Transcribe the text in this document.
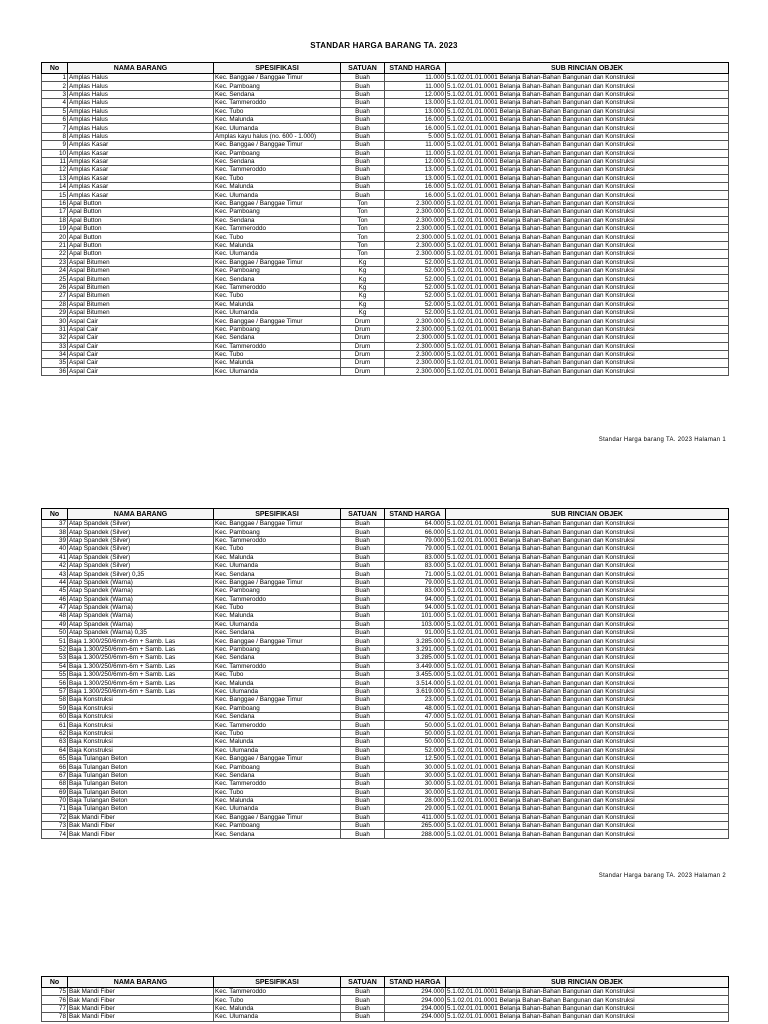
STANDAR HARGA BARANG TA. 2023
No	NAMA BARANG	SPESIFIKASI	SATUAN	STAND HARGA	SUB RINCIAN OBJEK
1	Amplas Halus	Kec. Banggae / Banggae Timur	Buah	11.000	5.1.02.01.01.0001 Belanja Bahan-Bahan Bangunan dan Konstruksi
2	Amplas Halus	Kec. Pamboang	Buah	11.000	5.1.02.01.01.0001 Belanja Bahan-Bahan Bangunan dan Konstruksi
3	Amplas Halus	Kec. Sendana	Buah	12.000	5.1.02.01.01.0001 Belanja Bahan-Bahan Bangunan dan Konstruksi
4	Amplas Halus	Kec. Tammeroddo	Buah	13.000	5.1.02.01.01.0001 Belanja Bahan-Bahan Bangunan dan Konstruksi
5	Amplas Halus	Kec. Tubo	Buah	13.000	5.1.02.01.01.0001 Belanja Bahan-Bahan Bangunan dan Konstruksi
6	Amplas Halus	Kec. Malunda	Buah	16.000	5.1.02.01.01.0001 Belanja Bahan-Bahan Bangunan dan Konstruksi
7	Amplas Halus	Kec. Ulumanda	Buah	16.000	5.1.02.01.01.0001 Belanja Bahan-Bahan Bangunan dan Konstruksi
8	Amplas Halus	Amplas kayu halus (no. 600 - 1.000)	Buah	5.000	5.1.02.01.01.0001 Belanja Bahan-Bahan Bangunan dan Konstruksi
9	Amplas Kasar	Kec. Banggae / Banggae Timur	Buah	11.000	5.1.02.01.01.0001 Belanja Bahan-Bahan Bangunan dan Konstruksi
10	Amplas Kasar	Kec. Pamboang	Buah	11.000	5.1.02.01.01.0001 Belanja Bahan-Bahan Bangunan dan Konstruksi
11	Amplas Kasar	Kec. Sendana	Buah	12.000	5.1.02.01.01.0001 Belanja Bahan-Bahan Bangunan dan Konstruksi
12	Amplas Kasar	Kec. Tammeroddo	Buah	13.000	5.1.02.01.01.0001 Belanja Bahan-Bahan Bangunan dan Konstruksi
13	Amplas Kasar	Kec. Tubo	Buah	13.000	5.1.02.01.01.0001 Belanja Bahan-Bahan Bangunan dan Konstruksi
14	Amplas Kasar	Kec. Malunda	Buah	16.000	5.1.02.01.01.0001 Belanja Bahan-Bahan Bangunan dan Konstruksi
15	Amplas Kasar	Kec. Ulumanda	Buah	16.000	5.1.02.01.01.0001 Belanja Bahan-Bahan Bangunan dan Konstruksi
16	Apal Button	Kec. Banggae / Banggae Timur	Ton	2.300.000	5.1.02.01.01.0001 Belanja Bahan-Bahan Bangunan dan Konstruksi
17	Apal Button	Kec. Pamboang	Ton	2.300.000	5.1.02.01.01.0001 Belanja Bahan-Bahan Bangunan dan Konstruksi
18	Apal Button	Kec. Sendana	Ton	2.300.000	5.1.02.01.01.0001 Belanja Bahan-Bahan Bangunan dan Konstruksi
19	Apal Button	Kec. Tammeroddo	Ton	2.300.000	5.1.02.01.01.0001 Belanja Bahan-Bahan Bangunan dan Konstruksi
20	Apal Button	Kec. Tubo	Ton	2.300.000	5.1.02.01.01.0001 Belanja Bahan-Bahan Bangunan dan Konstruksi
21	Apal Button	Kec. Malunda	Ton	2.300.000	5.1.02.01.01.0001 Belanja Bahan-Bahan Bangunan dan Konstruksi
22	Apal Button	Kec. Ulumanda	Ton	2.300.000	5.1.02.01.01.0001 Belanja Bahan-Bahan Bangunan dan Konstruksi
23	Aspal Bitumen	Kec. Banggae / Banggae Timur	Kg	52.000	5.1.02.01.01.0001 Belanja Bahan-Bahan Bangunan dan Konstruksi
24	Aspal Bitumen	Kec. Pamboang	Kg	52.000	5.1.02.01.01.0001 Belanja Bahan-Bahan Bangunan dan Konstruksi
25	Aspal Bitumen	Kec. Sendana	Kg	52.000	5.1.02.01.01.0001 Belanja Bahan-Bahan Bangunan dan Konstruksi
26	Aspal Bitumen	Kec. Tammeroddo	Kg	52.000	5.1.02.01.01.0001 Belanja Bahan-Bahan Bangunan dan Konstruksi
27	Aspal Bitumen	Kec. Tubo	Kg	52.000	5.1.02.01.01.0001 Belanja Bahan-Bahan Bangunan dan Konstruksi
28	Aspal Bitumen	Kec. Malunda	Kg	52.000	5.1.02.01.01.0001 Belanja Bahan-Bahan Bangunan dan Konstruksi
29	Aspal Bitumen	Kec. Ulumanda	Kg	52.000	5.1.02.01.01.0001 Belanja Bahan-Bahan Bangunan dan Konstruksi
30	Aspal Cair	Kec. Banggae / Banggae Timur	Drum	2.300.000	5.1.02.01.01.0001 Belanja Bahan-Bahan Bangunan dan Konstruksi
31	Aspal Cair	Kec. Pamboang	Drum	2.300.000	5.1.02.01.01.0001 Belanja Bahan-Bahan Bangunan dan Konstruksi
32	Aspal Cair	Kec. Sendana	Drum	2.300.000	5.1.02.01.01.0001 Belanja Bahan-Bahan Bangunan dan Konstruksi
33	Aspal Cair	Kec. Tammeroddo	Drum	2.300.000	5.1.02.01.01.0001 Belanja Bahan-Bahan Bangunan dan Konstruksi
34	Aspal Cair	Kec. Tubo	Drum	2.300.000	5.1.02.01.01.0001 Belanja Bahan-Bahan Bangunan dan Konstruksi
35	Aspal Cair	Kec. Malunda	Drum	2.300.000	5.1.02.01.01.0001 Belanja Bahan-Bahan Bangunan dan Konstruksi
36	Aspal Cair	Kec. Ulumanda	Drum	2.300.000	5.1.02.01.01.0001 Belanja Bahan-Bahan Bangunan dan Konstruksi
Standar Harga barang TA. 2023 Halaman 1
No	NAMA BARANG	SPESIFIKASI	SATUAN	STAND HARGA	SUB RINCIAN OBJEK
37	Atap Spandek (Silver)	Kec. Banggae / Banggae Timur	Buah	64.000	5.1.02.01.01.0001 Belanja Bahan-Bahan Bangunan dan Konstruksi
38	Atap Spandek (Silver)	Kec. Pamboang	Buah	66.000	5.1.02.01.01.0001 Belanja Bahan-Bahan Bangunan dan Konstruksi
39	Atap Spandek (Silver)	Kec. Tammeroddo	Buah	79.000	5.1.02.01.01.0001 Belanja Bahan-Bahan Bangunan dan Konstruksi
40	Atap Spandek (Silver)	Kec. Tubo	Buah	79.000	5.1.02.01.01.0001 Belanja Bahan-Bahan Bangunan dan Konstruksi
41	Atap Spandek (Silver)	Kec. Malunda	Buah	83.000	5.1.02.01.01.0001 Belanja Bahan-Bahan Bangunan dan Konstruksi
42	Atap Spandek (Silver)	Kec. Ulumanda	Buah	83.000	5.1.02.01.01.0001 Belanja Bahan-Bahan Bangunan dan Konstruksi
43	Atap Spandek (Silver) 0,35	Kec. Sendana	Buah	71.000	5.1.02.01.01.0001 Belanja Bahan-Bahan Bangunan dan Konstruksi
44	Atap Spandek (Warna)	Kec. Banggae / Banggae Timur	Buah	79.000	5.1.02.01.01.0001 Belanja Bahan-Bahan Bangunan dan Konstruksi
45	Atap Spandek (Warna)	Kec. Pamboang	Buah	83.000	5.1.02.01.01.0001 Belanja Bahan-Bahan Bangunan dan Konstruksi
46	Atap Spandek (Warna)	Kec. Tammeroddo	Buah	94.000	5.1.02.01.01.0001 Belanja Bahan-Bahan Bangunan dan Konstruksi
47	Atap Spandek (Warna)	Kec. Tubo	Buah	94.000	5.1.02.01.01.0001 Belanja Bahan-Bahan Bangunan dan Konstruksi
48	Atap Spandek (Warna)	Kec. Malunda	Buah	101.000	5.1.02.01.01.0001 Belanja Bahan-Bahan Bangunan dan Konstruksi
49	Atap Spandek (Warna)	Kec. Ulumanda	Buah	103.000	5.1.02.01.01.0001 Belanja Bahan-Bahan Bangunan dan Konstruksi
50	Atap Spandek (Warna) 0,35	Kec. Sendana	Buah	91.000	5.1.02.01.01.0001 Belanja Bahan-Bahan Bangunan dan Konstruksi
51	Baja 1.300/250/6mm-6m + Samb. Las	Kec. Banggae / Banggae Timur	Buah	3.285.000	5.1.02.01.01.0001 Belanja Bahan-Bahan Bangunan dan Konstruksi
52	Baja 1.300/250/6mm-6m + Samb. Las	Kec. Pamboang	Buah	3.291.000	5.1.02.01.01.0001 Belanja Bahan-Bahan Bangunan dan Konstruksi
53	Baja 1.300/250/6mm-6m + Samb. Las	Kec. Sendana	Buah	3.285.000	5.1.02.01.01.0001 Belanja Bahan-Bahan Bangunan dan Konstruksi
54	Baja 1.300/250/6mm-6m + Samb. Las	Kec. Tammeroddo	Buah	3.449.000	5.1.02.01.01.0001 Belanja Bahan-Bahan Bangunan dan Konstruksi
55	Baja 1.300/250/6mm-6m + Samb. Las	Kec. Tubo	Buah	3.455.000	5.1.02.01.01.0001 Belanja Bahan-Bahan Bangunan dan Konstruksi
56	Baja 1.300/250/6mm-6m + Samb. Las	Kec. Malunda	Buah	3.514.000	5.1.02.01.01.0001 Belanja Bahan-Bahan Bangunan dan Konstruksi
57	Baja 1.300/250/6mm-6m + Samb. Las	Kec. Ulumanda	Buah	3.619.000	5.1.02.01.01.0001 Belanja Bahan-Bahan Bangunan dan Konstruksi
58	Baja Konstruksi	Kec. Banggae / Banggae Timur	Buah	23.000	5.1.02.01.01.0001 Belanja Bahan-Bahan Bangunan dan Konstruksi
59	Baja Konstruksi	Kec. Pamboang	Buah	48.000	5.1.02.01.01.0001 Belanja Bahan-Bahan Bangunan dan Konstruksi
60	Baja Konstruksi	Kec. Sendana	Buah	47.000	5.1.02.01.01.0001 Belanja Bahan-Bahan Bangunan dan Konstruksi
61	Baja Konstruksi	Kec. Tammeroddo	Buah	50.000	5.1.02.01.01.0001 Belanja Bahan-Bahan Bangunan dan Konstruksi
62	Baja Konstruksi	Kec. Tubo	Buah	50.000	5.1.02.01.01.0001 Belanja Bahan-Bahan Bangunan dan Konstruksi
63	Baja Konstruksi	Kec. Malunda	Buah	50.000	5.1.02.01.01.0001 Belanja Bahan-Bahan Bangunan dan Konstruksi
64	Baja Konstruksi	Kec. Ulumanda	Buah	52.000	5.1.02.01.01.0001 Belanja Bahan-Bahan Bangunan dan Konstruksi
65	Baja Tulangan Beton	Kec. Banggae / Banggae Timur	Buah	12.500	5.1.02.01.01.0001 Belanja Bahan-Bahan Bangunan dan Konstruksi
66	Baja Tulangan Beton	Kec. Pamboang	Buah	30.000	5.1.02.01.01.0001 Belanja Bahan-Bahan Bangunan dan Konstruksi
67	Baja Tulangan Beton	Kec. Sendana	Buah	30.000	5.1.02.01.01.0001 Belanja Bahan-Bahan Bangunan dan Konstruksi
68	Baja Tulangan Beton	Kec. Tammeroddo	Buah	30.000	5.1.02.01.01.0001 Belanja Bahan-Bahan Bangunan dan Konstruksi
69	Baja Tulangan Beton	Kec. Tubo	Buah	30.000	5.1.02.01.01.0001 Belanja Bahan-Bahan Bangunan dan Konstruksi
70	Baja Tulangan Beton	Kec. Malunda	Buah	28.000	5.1.02.01.01.0001 Belanja Bahan-Bahan Bangunan dan Konstruksi
71	Baja Tulangan Beton	Kec. Ulumanda	Buah	29.000	5.1.02.01.01.0001 Belanja Bahan-Bahan Bangunan dan Konstruksi
72	Bak Mandi Fiber	Kec. Banggae / Banggae Timur	Buah	411.000	5.1.02.01.01.0001 Belanja Bahan-Bahan Bangunan dan Konstruksi
73	Bak Mandi Fiber	Kec. Pamboang	Buah	265.000	5.1.02.01.01.0001 Belanja Bahan-Bahan Bangunan dan Konstruksi
74	Bak Mandi Fiber	Kec. Sendana	Buah	288.000	5.1.02.01.01.0001 Belanja Bahan-Bahan Bangunan dan Konstruksi
Standar Harga barang TA. 2023 Halaman 2
No	NAMA BARANG	SPESIFIKASI	SATUAN	STAND HARGA	SUB RINCIAN OBJEK
75	Bak Mandi Fiber	Kec. Tammeroddo	Buah	294.000	5.1.02.01.01.0001 Belanja Bahan-Bahan Bangunan dan Konstruksi
76	Bak Mandi Fiber	Kec. Tubo	Buah	294.000	5.1.02.01.01.0001 Belanja Bahan-Bahan Bangunan dan Konstruksi
77	Bak Mandi Fiber	Kec. Malunda	Buah	294.000	5.1.02.01.01.0001 Belanja Bahan-Bahan Bangunan dan Konstruksi
78	Bak Mandi Fiber	Kec. Ulumanda	Buah	294.000	5.1.02.01.01.0001 Belanja Bahan-Bahan Bangunan dan Konstruksi
